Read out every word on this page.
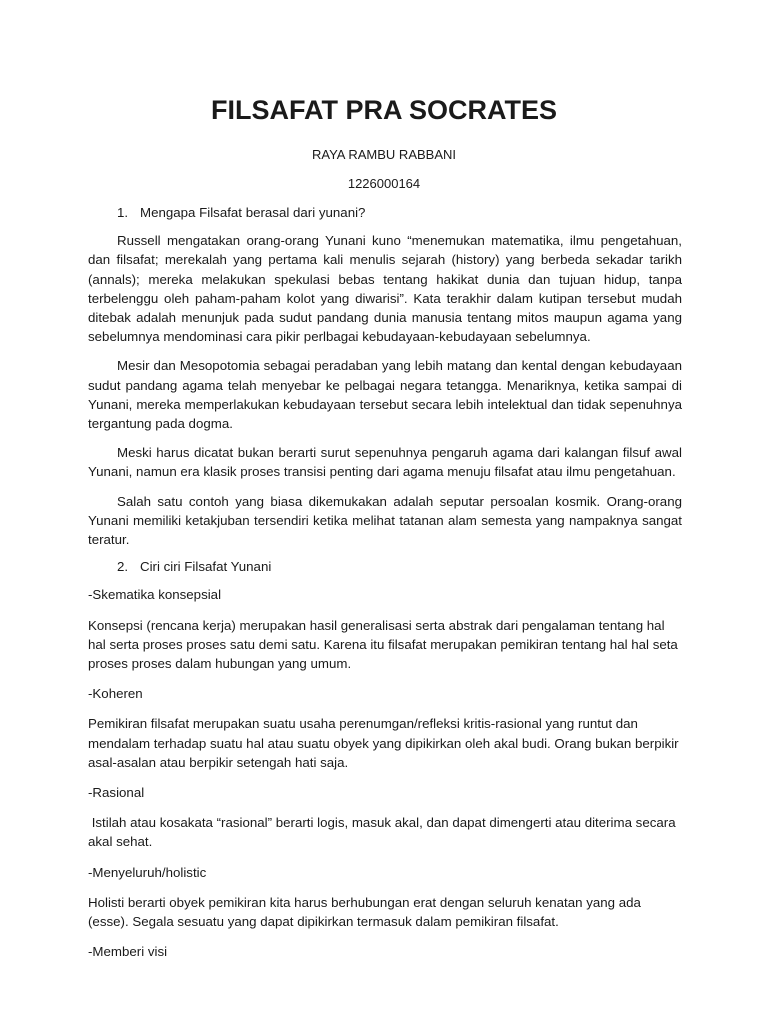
FILSAFAT PRA SOCRATES
RAYA RAMBU RABBANI
1226000164

1. Mengapa Filsafat berasal dari yunani?

Russell mengatakan orang-orang Yunani kuno “menemukan matematika, ilmu pengetahuan, dan filsafat; merekalah yang pertama kali menulis sejarah (history) yang berbeda sekadar tarikh (annals); mereka melakukan spekulasi bebas tentang hakikat dunia dan tujuan hidup, tanpa terbelenggu oleh paham-paham kolot yang diwarisi”. Kata terakhir dalam kutipan tersebut mudah ditebak adalah menunjuk pada sudut pandang dunia manusia tentang mitos maupun agama yang sebelumnya mendominasi cara pikir perlbagai kebudayaan-kebudayaan sebelumnya.

Mesir dan Mesopotomia sebagai peradaban yang lebih matang dan kental dengan kebudayaan sudut pandang agama telah menyebar ke pelbagai negara tetangga. Menariknya, ketika sampai di Yunani, mereka memperlakukan kebudayaan tersebut secara lebih intelektual dan tidak sepenuhnya tergantung pada dogma.

Meski harus dicatat bukan berarti surut sepenuhnya pengaruh agama dari kalangan filsuf awal Yunani, namun era klasik proses transisi penting dari agama menuju filsafat atau ilmu pengetahuan.

Salah satu contoh yang biasa dikemukakan adalah seputar persoalan kosmik. Orang-orang Yunani memiliki ketakjuban tersendiri ketika melihat tatanan alam semesta yang nampaknya sangat teratur.

2. Ciri ciri Filsafat Yunani

-Skematika konsepsial

Konsepsi (rencana kerja) merupakan hasil generalisasi serta abstrak dari pengalaman tentang hal hal serta proses proses satu demi satu. Karena itu filsafat merupakan pemikiran tentang hal hal seta proses proses dalam hubungan yang umum.

-Koheren

Pemikiran filsafat merupakan suatu usaha perenumgan/refleksi kritis-rasional yang runtut dan mendalam terhadap suatu hal atau suatu obyek yang dipikirkan oleh akal budi. Orang bukan berpikir asal-asalan atau berpikir setengah hati saja.

-Rasional

Istilah atau kosakata “rasional” berarti logis, masuk akal, dan dapat dimengerti atau diterima secara akal sehat.

-Menyeluruh/holistic

Holisti berarti obyek pemikiran kita harus berhubungan erat dengan seluruh kenatan yang ada (esse). Segala sesuatu yang dapat dipikirkan termasuk dalam pemikiran filsafat.

-Memberi visi
